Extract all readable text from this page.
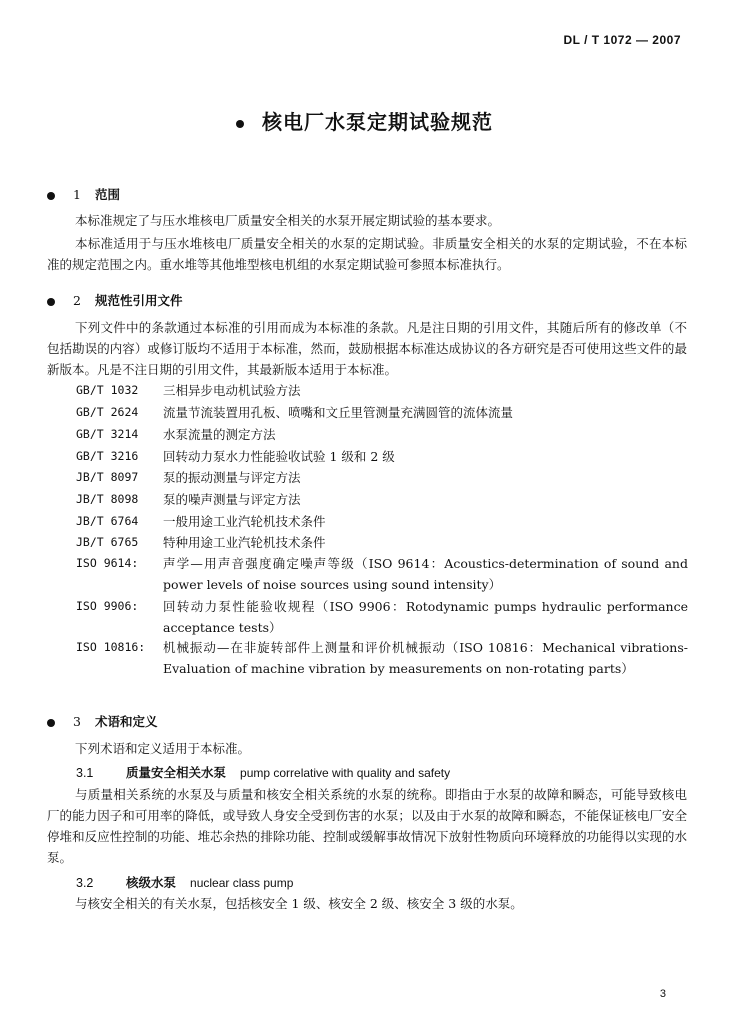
DL / T 1072 — 2007
核电厂水泵定期试验规范
1 范围
本标准规定了与压水堆核电厂质量安全相关的水泵开展定期试验的基本要求。
本标准适用于与压水堆核电厂质量安全相关的水泵的定期试验。非质量安全相关的水泵的定期试验，不在本标准的规定范围之内。重水堆等其他堆型核电机组的水泵定期试验可参照本标准执行。
2 规范性引用文件
下列文件中的条款通过本标准的引用而成为本标准的条款。凡是注日期的引用文件，其随后所有的修改单（不包括勘误的内容）或修订版均不适用于本标准，然而，鼓励根据本标准达成协议的各方研究是否可使用这些文件的最新版本。凡是不注日期的引用文件，其最新版本适用于本标准。
GB/T 1032	三相异步电动机试验方法
GB/T 2624	流量节流装置用孔板、喷嘴和文丘里管测量充满圆管的流体流量
GB/T 3214	水泵流量的测定方法
GB/T 3216	回转动力泵水力性能验收试验 1 级和 2 级
JB/T 8097	泵的振动测量与评定方法
JB/T 8098	泵的噪声测量与评定方法
JB/T 6764	一般用途工业汽轮机技术条件
JB/T 6765	特种用途工业汽轮机技术条件
ISO 9614:	声学—用声音强度确定噪声等级（ISO 9614：Acoustics-determination of sound and power levels of noise sources using sound intensity）
ISO 9906:	回转动力泵性能验收规程（ISO 9906：Rotodynamic pumps hydraulic performance acceptance tests）
ISO 10816:	机械振动—在非旋转部件上测量和评价机械振动（ISO 10816：Mechanical vibrations-Evaluation of machine vibration by measurements on non-rotating parts）
3 术语和定义
下列术语和定义适用于本标准。
3.1	质量安全相关水泵 pump correlative with quality and safety
与质量相关系统的水泵及与质量和核安全相关系统的水泵的统称。即指由于水泵的故障和瞬态，可能导致核电厂的能力因子和可用率的降低，或导致人身安全受到伤害的水泵；以及由于水泵的故障和瞬态，不能保证核电厂安全停堆和反应性控制的功能、堆芯余热的排除功能、控制或缓解事故情况下放射性物质向环境释放的功能得以实现的水泵。
3.2	核级水泵 nuclear class pump
与核安全相关的有关水泵，包括核安全 1 级、核安全 2 级、核安全 3 级的水泵。
3
